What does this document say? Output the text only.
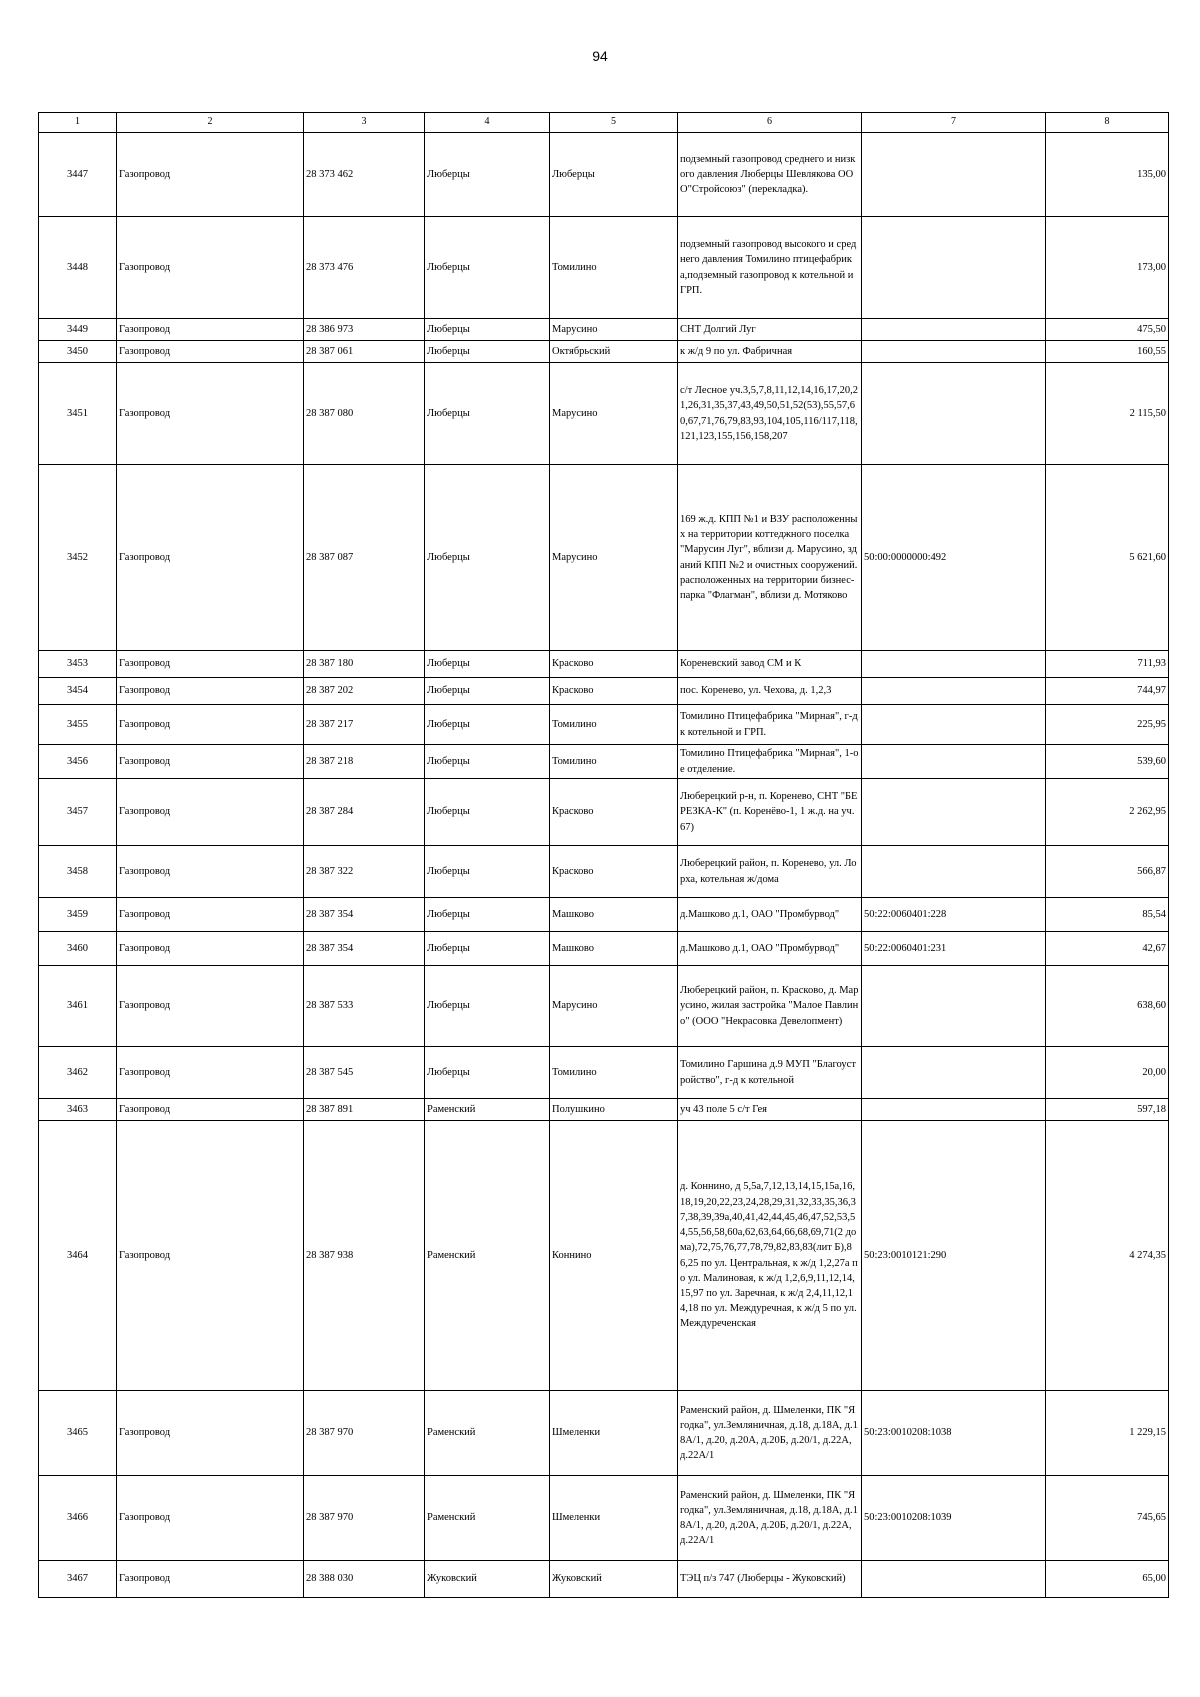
94
1	2	3	4	5	6	7	8
3447	Газопровод	28 373 462	Люберцы	Люберцы	подземный газопровод среднего и низкого давления Люберцы Шевлякова ООО"Стройсоюз" (перекладка).		135,00
3448	Газопровод	28 373 476	Люберцы	Томилино	подземный газопровод высокого и среднего давления Томилино птицефабрика,подземный газопровод к котельной и ГРП.		173,00
3449	Газопровод	28 386 973	Люберцы	Марусино	СНТ Долгий Луг		475,50
3450	Газопровод	28 387 061	Люберцы	Октябрьский	к ж/д 9 по ул. Фабричная		160,55
3451	Газопровод	28 387 080	Люберцы	Марусино	с/т Лесное уч.3,5,7,8,11,12,14,16,17,20,21,26,31,35,37,43,49,50,51,52(53),55,57,60,67,71,76,79,83,93,104,105,116/117,118,121,123,155,156,158,207		2 115,50
3452	Газопровод	28 387 087	Люберцы	Марусино	169 ж.д. КПП №1 и ВЗУ расположенных на территории коттеджного поселка "Марусин Луг", вблизи д. Марусино, зданий КПП №2 и очистных сооружений. расположенных на территории бизнес-парка "Флагман", вблизи д. Мотяково	50:00:0000000:492	5 621,60
3453	Газопровод	28 387 180	Люберцы	Красково	Кореневский завод СМ и К		711,93
3454	Газопровод	28 387 202	Люберцы	Красково	пос. Коренево, ул. Чехова, д. 1,2,3		744,97
3455	Газопровод	28 387 217	Люберцы	Томилино	Томилино Птицефабрика "Мирная", г-д к котельной и ГРП.		225,95
3456	Газопровод	28 387 218	Люберцы	Томилино	Томилино Птицефабрика "Мирная", 1-ое отделение.		539,60
3457	Газопровод	28 387 284	Люберцы	Красково	Люберецкий р-н, п. Коренево, СНТ "БЕРЕЗКА-К" (п. Коренёво-1, 1 ж.д. на уч.67)		2 262,95
3458	Газопровод	28 387 322	Люберцы	Красково	Люберецкий район, п. Коренево, ул. Лорха, котельная ж/дома		566,87
3459	Газопровод	28 387 354	Люберцы	Машково	д.Машково д.1, ОАО "Промбурвод"	50:22:0060401:228	85,54
3460	Газопровод	28 387 354	Люберцы	Машково	д.Машково д.1, ОАО "Промбурвод"	50:22:0060401:231	42,67
3461	Газопровод	28 387 533	Люберцы	Марусино	Люберецкий район, п. Красково, д. Марусино, жилая застройка "Малое Павлино" (ООО "Некрасовка Девелопмент)		638,60
3462	Газопровод	28 387 545	Люберцы	Томилино	Томилино Гаршина д.9 МУП "Благоустройство", г-д к котельной		20,00
3463	Газопровод	28 387 891	Раменский	Полушкино	уч 43 поле 5 с/т Гея		597,18
3464	Газопровод	28 387 938	Раменский	Коннино	д. Коннино, д 5,5а,7,12,13,14,15,15а,16,18,19,20,22,23,24,28,29,31,32,33,35,36,37,38,39,39а,40,41,42,44,45,46,47,52,53,54,55,56,58,60а,62,63,64,66,68,69,71(2 дома),72,75,76,77,78,79,82,83,83(лит Б),86,25 по ул. Центральная, к ж/д 1,2,27а по ул. Малиновая, к ж/д 1,2,6,9,11,12,14,15,97 по ул. Заречная, к ж/д 2,4,11,12,14,18 по ул. Междуречная, к ж/д 5 по ул. Междуреченская	50:23:0010121:290	4 274,35
3465	Газопровод	28 387 970	Раменский	Шмеленки	Раменский район, д. Шмеленки, ПК "Ягодка", ул.Земляничная, д.18, д.18А, д.18А/1, д.20, д.20А, д.20Б, д.20/1, д.22А, д.22А/1	50:23:0010208:1038	1 229,15
3466	Газопровод	28 387 970	Раменский	Шмеленки	Раменский район, д. Шмеленки, ПК "Ягодка", ул.Земляничная, д.18, д.18А, д.18А/1, д.20, д.20А, д.20Б, д.20/1, д.22А, д.22А/1	50:23:0010208:1039	745,65
3467	Газопровод	28 388 030	Жуковский	Жуковский	ТЭЦ п/з 747 (Люберцы - Жуковский)		65,00
